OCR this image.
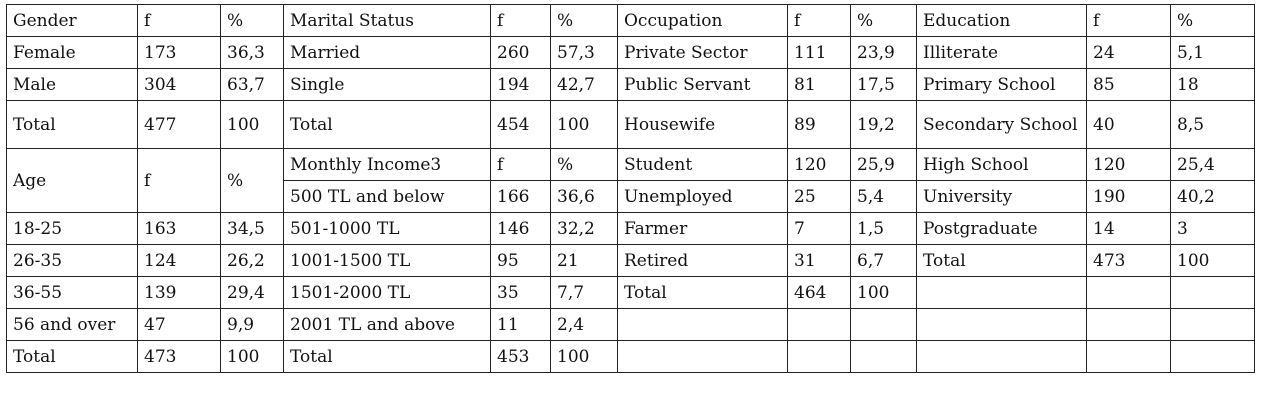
Gender	f	%	Marital Status	f	%	Occupation	f	%	Education	f	%
Female	173	36,3	Married	260	57,3	Private Sector	111	23,9	Illiterate	24	5,1
Male	304	63,7	Single	194	42,7	Public Servant	81	17,5	Primary School	85	18
Total	477	100	Total	454	100	Housewife	89	19,2	Secondary School	40	8,5
Age	f	%	Monthly Income3	f	%	Student	120	25,9	High School	120	25,4
			500 TL and below	166	36,6	Unemployed	25	5,4	University	190	40,2
18-25	163	34,5	501-1000 TL	146	32,2	Farmer	7	1,5	Postgraduate	14	3
26-35	124	26,2	1001-1500 TL	95	21	Retired	31	6,7	Total	473	100
36-55	139	29,4	1501-2000 TL	35	7,7	Total	464	100			
56 and over	47	9,9	2001 TL and above	11	2,4						
Total	473	100	Total	453	100						
